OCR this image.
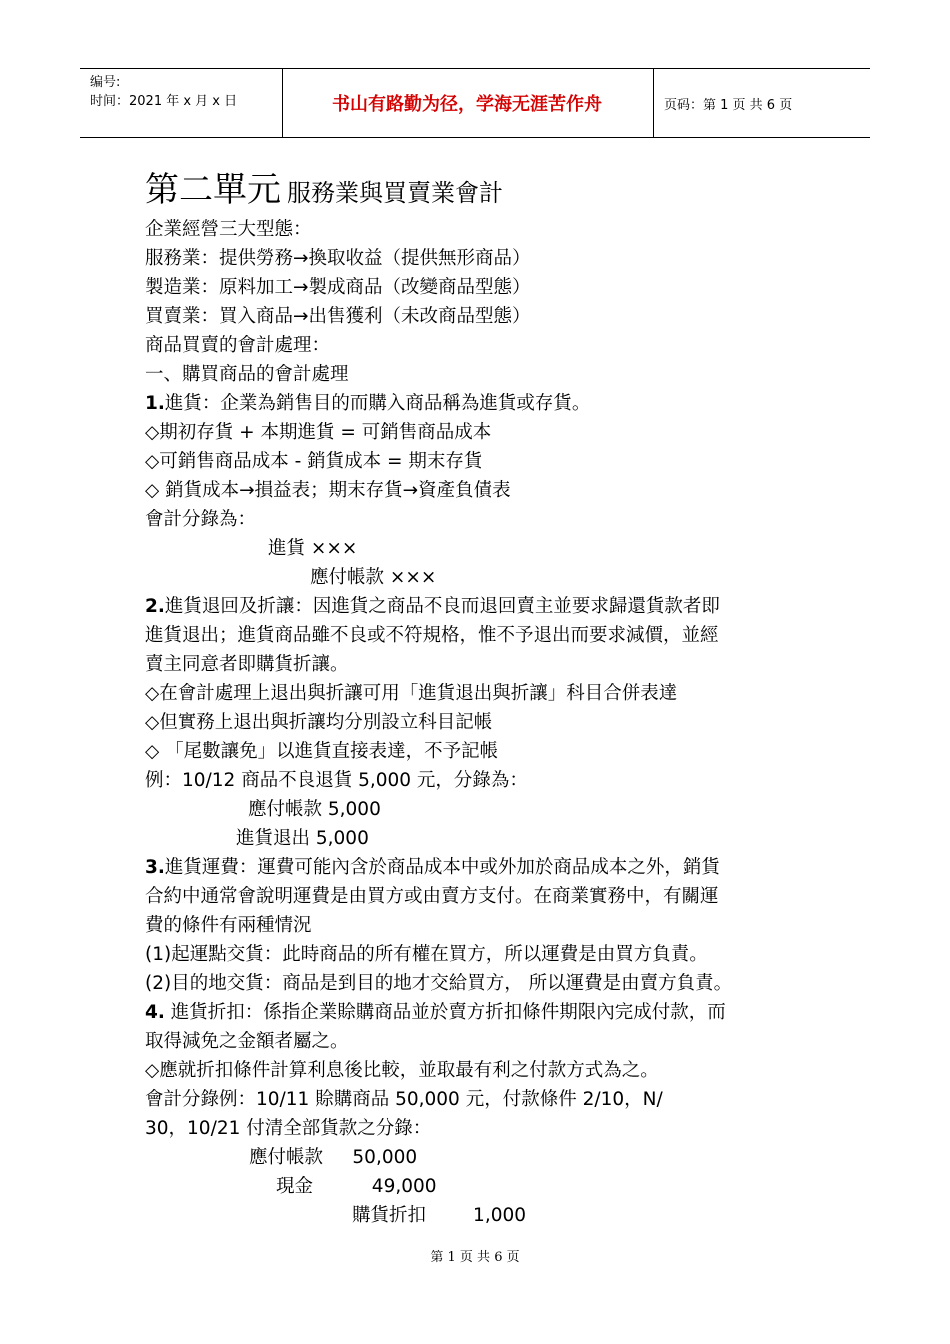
编号:
时间：2021 年 x 月 x 日	书山有路勤为径，学海无涯苦作舟	页码：第 1 页 共 6 页
第二單元 服務業與買賣業會計
企業經營三大型態：
服務業：提供勞務→換取收益（提供無形商品）
製造業：原料加工→製成商品（改變商品型態）
買賣業：買入商品→出售獲利（未改商品型態）
商品買賣的會計處理：
一、購買商品的會計處理
1.進貨：企業為銷售目的而購入商品稱為進貨或存貨。
◇期初存貨 + 本期進貨 = 可銷售商品成本
◇可銷售商品成本 - 銷貨成本 = 期末存貨
◇ 銷貨成本→損益表；期末存貨→資產負債表
會計分錄為：
進貨 ×××
應付帳款 ×××
2.進貨退回及折讓：因進貨之商品不良而退回賣主並要求歸還貨款者即
進貨退出；進貨商品雖不良或不符規格，惟不予退出而要求減價，並經
賣主同意者即購貨折讓。
◇在會計處理上退出與折讓可用「進貨退出與折讓」科目合併表達
◇但實務上退出與折讓均分別設立科目記帳
◇ 「尾數讓免」以進貨直接表達，不予記帳
例：10/12 商品不良退貨 5,000 元，分錄為：
應付帳款 5,000
進貨退出 5,000
3.進貨運費：運費可能內含於商品成本中或外加於商品成本之外，銷貨
合約中通常會說明運費是由買方或由賣方支付。在商業實務中，有關運
費的條件有兩種情況
(1)起運點交貨：此時商品的所有權在買方，所以運費是由買方負責。
(2)目的地交貨：商品是到目的地才交給買方， 所以運費是由賣方負責。
4. 進貨折扣：係指企業賒購商品並於賣方折扣條件期限內完成付款，而
取得減免之金額者屬之。
◇應就折扣條件計算利息後比較，並取最有利之付款方式為之。
會計分錄例：10/11 賒購商品 50,000 元，付款條件 2/10，N/
30，10/21 付清全部貨款之分錄：
應付帳款     50,000
現金          49,000
購貨折扣        1,000
第 1 页 共 6 页
